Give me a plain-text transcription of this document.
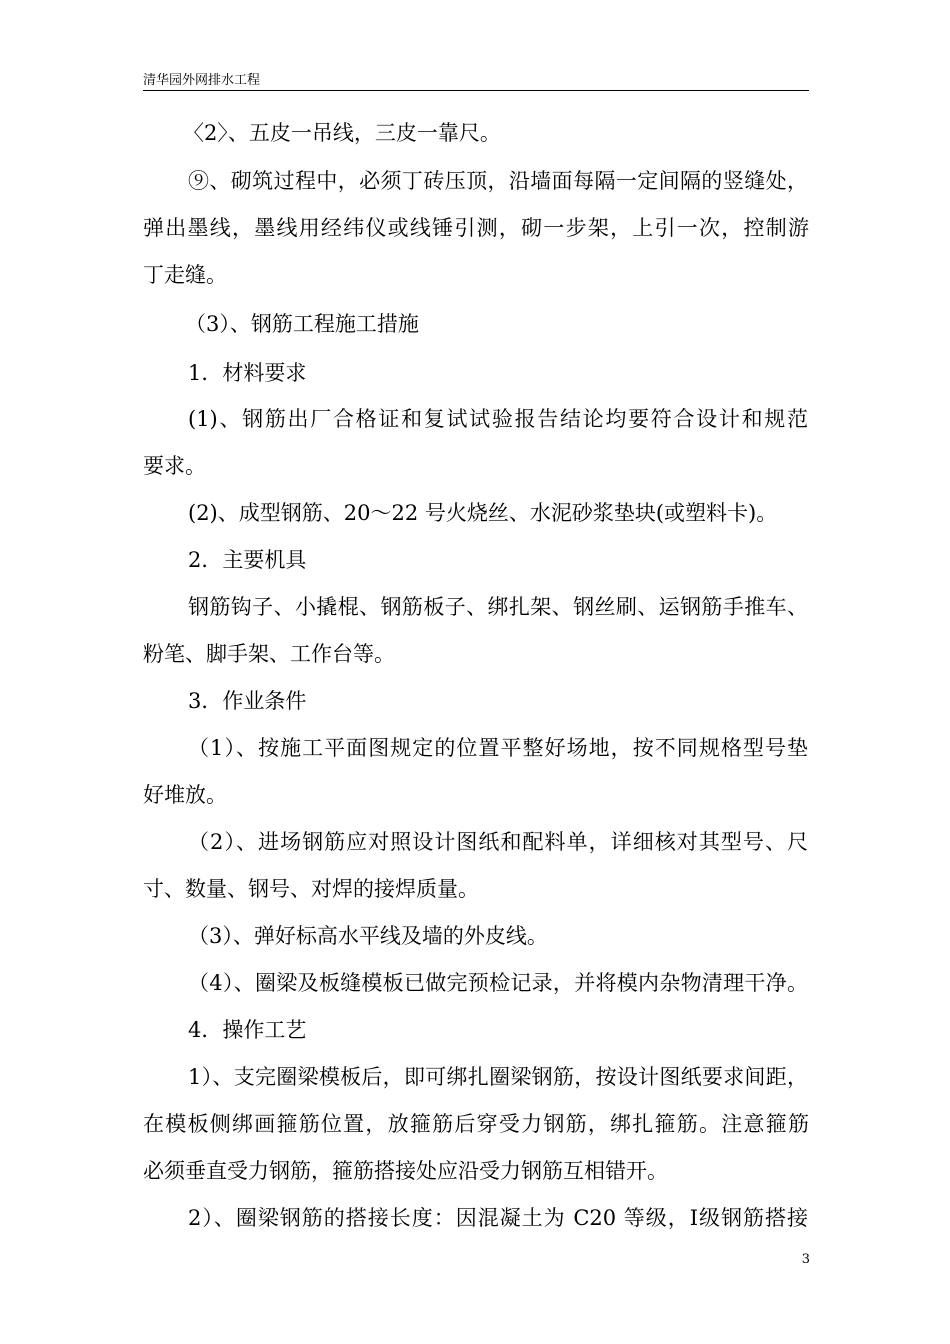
清华园外网排水工程
〈2〉、五皮一吊线，三皮一靠尺。
⑨、砌筑过程中，必须丁砖压顶，沿墙面每隔一定间隔的竖缝处，
弹出墨线，墨线用经纬仪或线锤引测，砌一步架，上引一次，控制游
丁走缝。
（3）、钢筋工程施工措施
1．材料要求
(1)、钢筋出厂合格证和复试试验报告结论均要符合设计和规范
要求。
(2)、成型钢筋、20～22 号火烧丝、水泥砂浆垫块(或塑料卡)。
2．主要机具
钢筋钩子、小撬棍、钢筋板子、绑扎架、钢丝刷、运钢筋手推车、
粉笔、脚手架、工作台等。
3．作业条件
（1）、按施工平面图规定的位置平整好场地，按不同规格型号垫
好堆放。
（2）、进场钢筋应对照设计图纸和配料单，详细核对其型号、尺
寸、数量、钢号、对焊的接焊质量。
（3）、弹好标高水平线及墙的外皮线。
（4）、圈梁及板缝模板已做完预检记录，并将模内杂物清理干净。
4．操作工艺
1）、支完圈梁模板后，即可绑扎圈梁钢筋，按设计图纸要求间距，
在模板侧绑画箍筋位置，放箍筋后穿受力钢筋，绑扎箍筋。注意箍筋
必须垂直受力钢筋，箍筋搭接处应沿受力钢筋互相错开。
2）、圈梁钢筋的搭接长度：因混凝土为 C20 等级，Ⅰ级钢筋搭接
3
